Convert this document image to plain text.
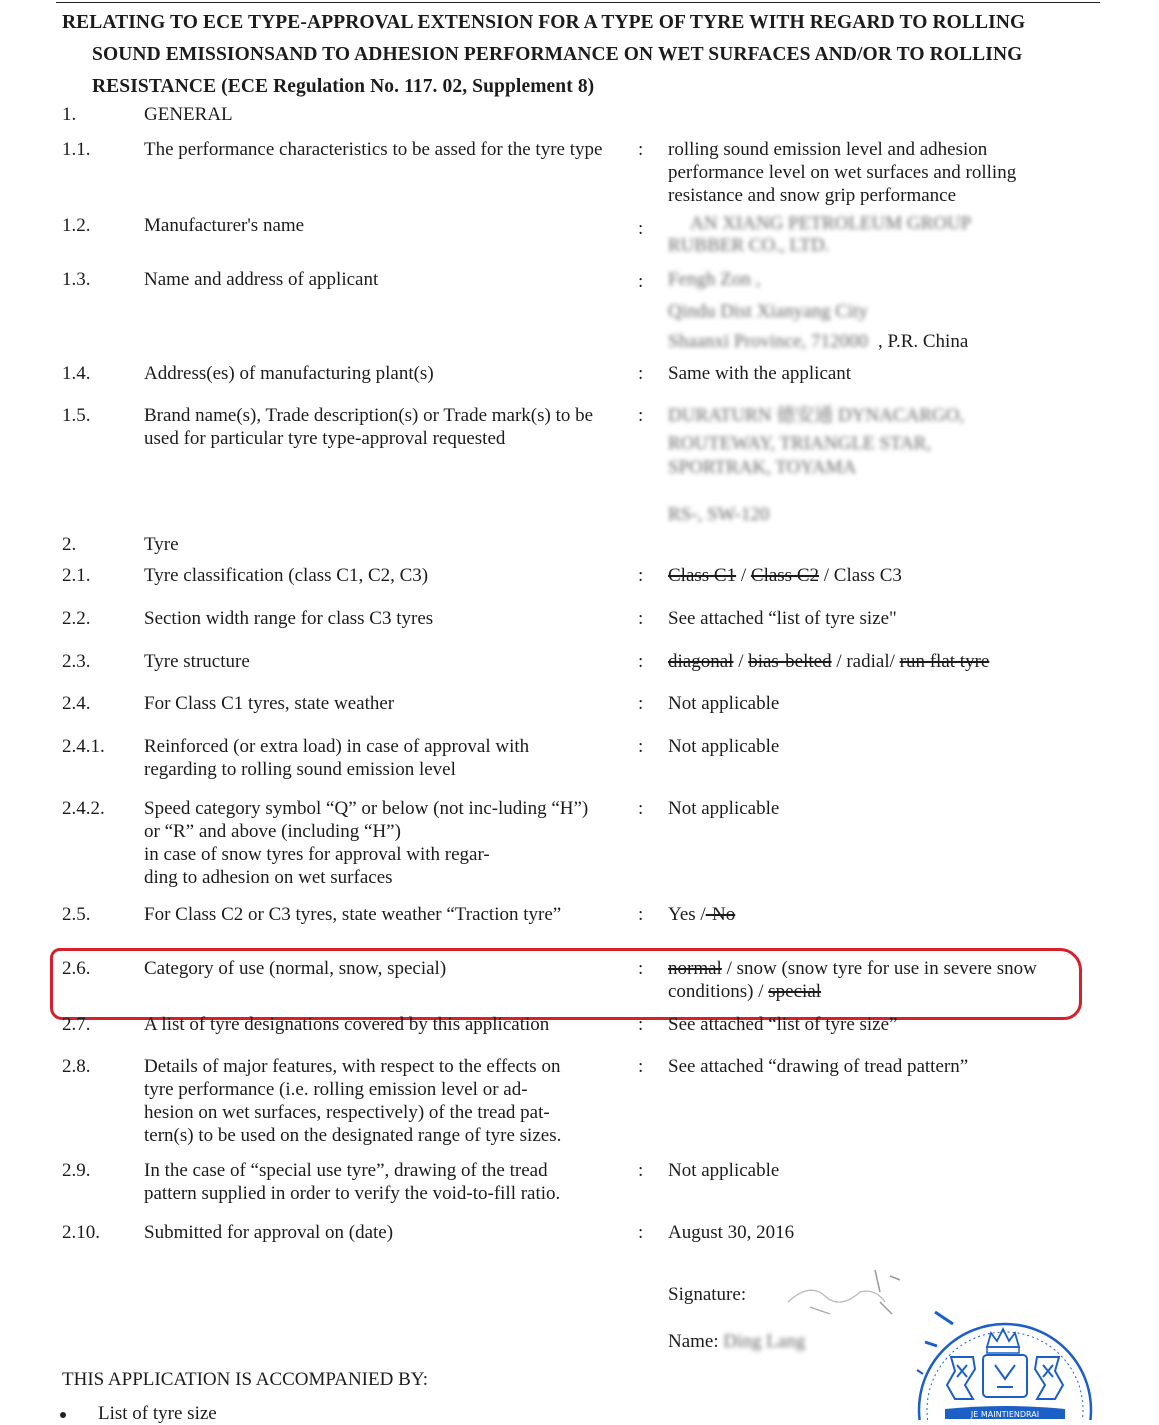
RELATING TO ECE TYPE-APPROVAL EXTENSION FOR A TYPE OF TYRE WITH REGARD TO ROLLING
SOUND EMISSIONSAND TO ADHESION PERFORMANCE ON WET SURFACES AND/OR TO ROLLING
RESISTANCE (ECE Regulation No. 117. 02, Supplement 8)
1.	GENERAL
1.1.	The performance characteristics to be assed for the tyre type : rolling sound emission level and adhesion
performance level on wet surfaces and rolling
resistance and snow grip performance
1.2.	Manufacturer's name	: AN XIANG PETROLEUM GROUP
RUBBER CO., LTD.
1.3.	Name and address of applicant	: Fengh Zon ,
Qindu Dist Xianyang City
Shaanxi Province, 712000 , P.R. China
1.4.	Address(es) of manufacturing plant(s)	: Same with the applicant
1.5.	Brand name(s), Trade description(s) or Trade mark(s) to be
used for particular tyre type-approval requested
: DURATURN 德安通 DYNACARGO,
ROUTEWAY, TRIANGLE STAR,
SPORTRAK, TOYAMA
RS-, SW-120
2.	Tyre
2.1.	Tyre classification (class C1, C2, C3)	: Class C1 / Class C2 / Class C3
2.2.	Section width range for class C3 tyres	: See attached “list of tyre size"
2.3.	Tyre structure	: diagonal / bias-belted / radial/ run flat tyre
2.4.	For Class C1 tyres, state weather	: Not applicable
2.4.1. Reinforced (or extra load) in case of approval with
regarding to rolling sound emission level
: Not applicable
2.4.2. Speed category symbol “Q” or below (not inc-luding “H”)
or “R” and above (including “H”)
in case of snow tyres for approval with regar-
ding to adhesion on wet surfaces
: Not applicable
2.5.	For Class C2 or C3 tyres, state weather “Traction tyre”	: Yes /-No
2.6.	Category of use (normal, snow, special)	: normal / snow (snow tyre for use in severe snow
conditions) / special
2.7.	A list of tyre designations covered by this application	: See attached “list of tyre size”
2.8.	Details of major features, with respect to the effects on
tyre performance (i.e. rolling emission level or ad-
hesion on wet surfaces, respectively) of the tread pat-
tern(s) to be used on the designated range of tyre sizes.
: See attached “drawing of tread pattern”
2.9.	In the case of “special use tyre”, drawing of the tread
pattern supplied in order to verify the void-to-fill ratio.
: Not applicable
2.10. Submitted for approval on (date)	: August 30, 2016
Signature:
Name: Ding Lang
THIS APPLICATION IS ACCOMPANIED BY:
List of tyre size	JE MAINTIENDRAI
